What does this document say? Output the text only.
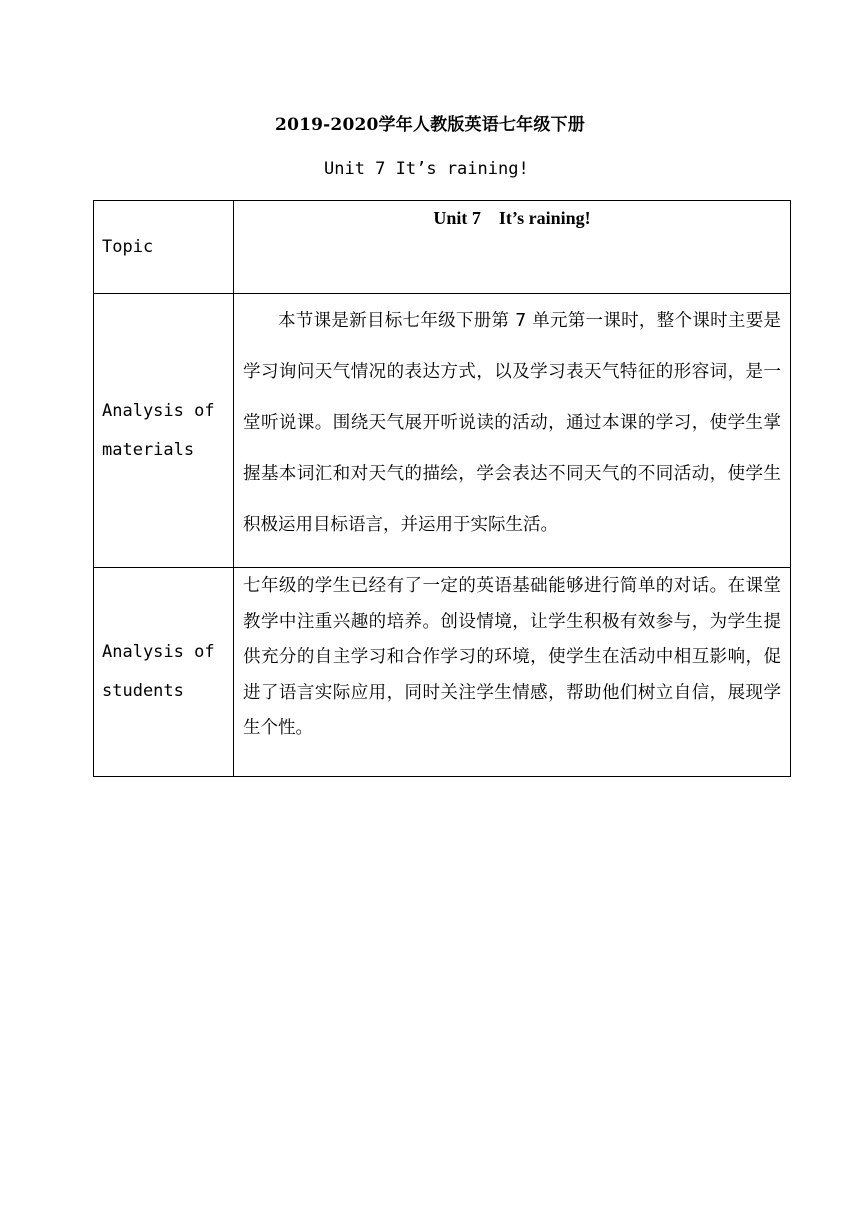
2019-2020学年人教版英语七年级下册
Unit 7 It’s raining!
Topic	Unit 7    It’s raining!

Analysis of
materials	本节课是新目标七年级下册第 7 单元第一课时，整个课时主要是学习询问天气情况的表达方式，以及学习表天气特征的形容词，是一堂听说课。围绕天气展开听说读的活动，通过本课的学习，使学生掌握基本词汇和对天气的描绘，学会表达不同天气的不同活动，使学生积极运用目标语言，并运用于实际生活。

Analysis of
students	七年级的学生已经有了一定的英语基础能够进行简单的对话。在课堂教学中注重兴趣的培养。创设情境，让学生积极有效参与，为学生提供充分的自主学习和合作学习的环境，使学生在活动中相互影响，促进了语言实际应用，同时关注学生情感，帮助他们树立自信，展现学生个性。
